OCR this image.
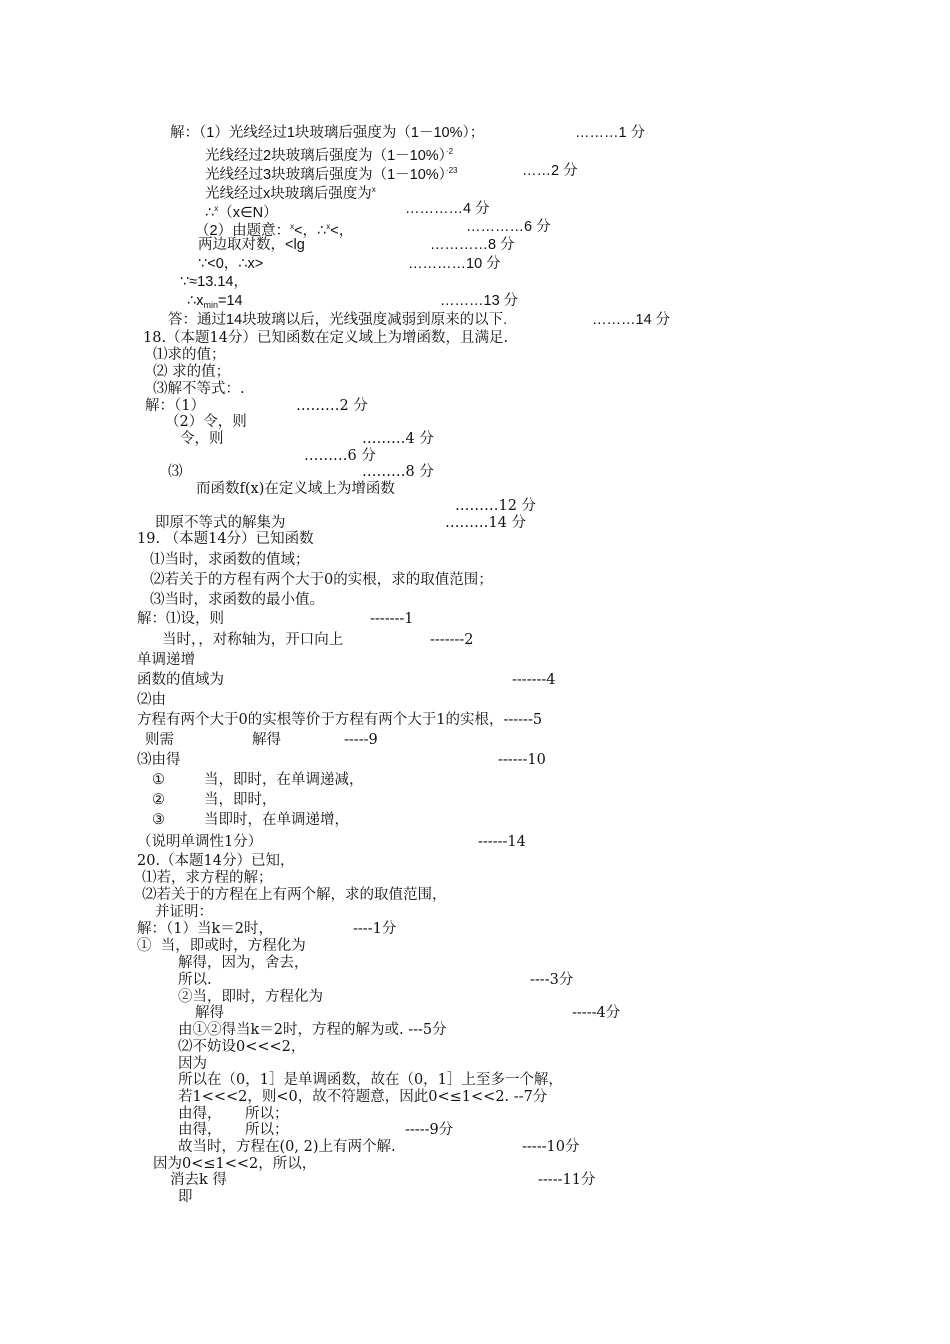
解：（1）光线经过1块玻璃后强度为（1－10%）；	………1 分
光线经过2块玻璃后强度为$(1-10\%)^{\cdot 2}$
光线经过3块玻璃后强度为$(1-10\%)^{\cdot 23}$	……2 分
光线经过x块玻璃后强度为$^x$
∴$^x$（x∈N）	…………4 分
（2）由题意：$^x$<，∴$^x$<，	…………6 分
两边取对数，<lg	…………8 分
∵<0，∴x>	…………10 分
∵≈13.14，
$\therefore x_{min}=14$	………13 分
答：通过14块玻璃以后，光线强度减弱到原来的以下.	………14 分
18.（本题14分）已知函数在定义域上为增函数，且满足.
⑴求的值；
⑵ 求的值；
⑶解不等式：.
解：（1）	………2 分
（2）令，则
令，则	………4 分
………6 分
⑶	………8 分
而函数f(x)在定义域上为增函数
………12 分
即原不等式的解集为	………14 分
19. （本题14分）已知函数
⑴当时，求函数的值域；
⑵若关于的方程有两个大于0的实根，求的取值范围；
⑶当时，求函数的最小值。
解：⑴设，则	-------1
当时，，对称轴为，开口向上	-------2
单调递增
函数的值域为	-------4
⑵由
方程有两个大于0的实根等价于方程有两个大于1的实根，------5
则需	解得	-----9
⑶由得	------10
①	当，即时，在单调递减，
②	当，即时，
③	当即时，在单调递增，
（说明单调性1分）	------14
20.（本题14分）已知，
⑴若，求方程的解；
⑵若关于的方程在上有两个解，求的取值范围，
并证明：
解：（1）当k＝2时，	----1分
①  当，即或时，方程化为
解得，因为，舍去，
所以.	----3分
②当，即时，方程化为
解得	-----4分
由①②得当k＝2时，方程的解为或. ---5分
⑵不妨设0<<<2，
因为
所以在（0，1］是单调函数，故在（0，1］上至多一个解，
若1<<<2，则<0，故不符题意，因此0<≤1<<2. --7分
由得， 所以；
由得， 所以；	-----9分
故当时，方程在(0, 2)上有两个解.	-----10分
因为0<≤1<<2，所以，
消去k 得	-----11分
即
